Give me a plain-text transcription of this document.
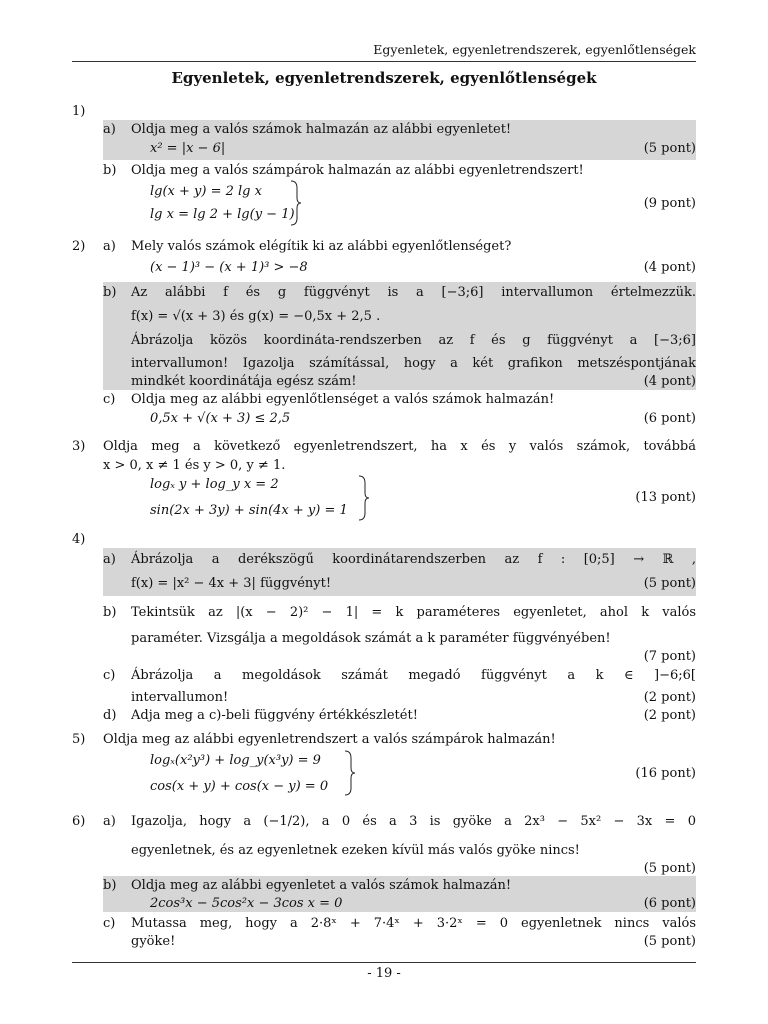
Egyenletek, egyenletrendszerek, egyenlőtlenségek
Egyenletek, egyenletrendszerek, egyenlőtlenségek
1)
a) Oldja meg a valós számok halmazán az alábbi egyenletet!
x² = |x − 6|	(5 pont)
b) Oldja meg a valós számpárok halmazán az alábbi egyenletrendszert!
lg(x + y) = 2 lg x
lg x = lg 2 + lg(y − 1)
(9 pont)
2) a) Mely valós számok elégítik ki az alábbi egyenlőtlenséget?
(x − 1)³ − (x + 1)³ > −8	(4 pont)
b) Az alábbi f és g függvényt is a [−3;6] intervallumon értelmezzük.
f(x) = √(x + 3) és g(x) = −0,5x + 2,5 .
Ábrázolja közös koordináta-rendszerben az f és g függvényt a [−3;6]
intervallumon! Igazolja számítással, hogy a két grafikon metszéspontjának
mindkét koordinátája egész szám!	(4 pont)
c) Oldja meg az alábbi egyenlőtlenséget a valós számok halmazán!
0,5x + √(x + 3) ≤ 2,5	(6 pont)
3) Oldja meg a következő egyenletrendszert, ha x és y valós számok, továbbá
x > 0, x ≠ 1 és y > 0, y ≠ 1.
logₓ y + log_y x = 2
sin(2x + 3y) + sin(4x + y) = 1
(13 pont)
4)
a) Ábrázolja a derékszögű koordinátarendszerben az f : [0;5] → ℝ ,
f(x) = |x² − 4x + 3| függvényt!	(5 pont)
b) Tekintsük az |(x − 2)² − 1| = k paraméteres egyenletet, ahol k valós
paraméter. Vizsgálja a megoldások számát a k paraméter függvényében!
(7 pont)
c) Ábrázolja a megoldások számát megadó függvényt a k ∈ ]−6;6[
intervallumon!	(2 pont)
d) Adja meg a c)-beli függvény értékkészletét!	(2 pont)
5) Oldja meg az alábbi egyenletrendszert a valós számpárok halmazán!
logₓ(x²y³) + log_y(x³y) = 9
cos(x + y) + cos(x − y) = 0
(16 pont)
6) a) Igazolja, hogy a (−1/2), a 0 és a 3 is gyöke a 2x³ − 5x² − 3x = 0
egyenletnek, és az egyenletnek ezeken kívül más valós gyöke nincs!
(5 pont)
b) Oldja meg az alábbi egyenletet a valós számok halmazán!
2cos³x − 5cos²x − 3cos x = 0	(6 pont)
c) Mutassa meg, hogy a 2·8ˣ + 7·4ˣ + 3·2ˣ = 0 egyenletnek nincs valós
gyöke!	(5 pont)
- 19 -
